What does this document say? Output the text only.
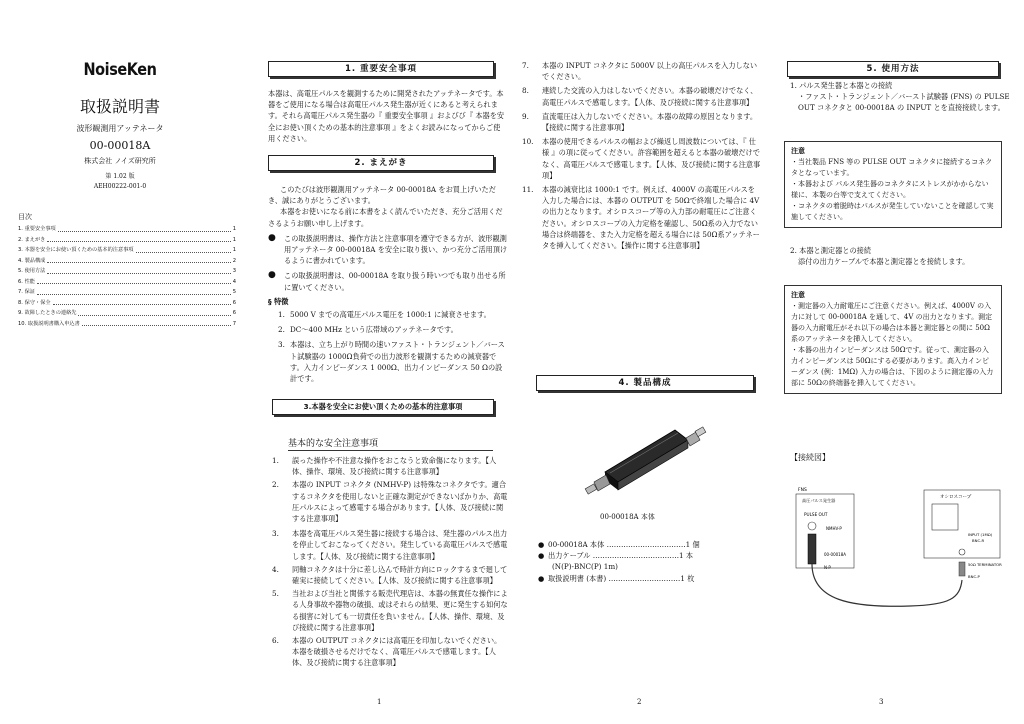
NoiseKen
取扱説明書
波形観測用アッテネータ
00-00018A
株式会社 ノイズ研究所
第 1.02 版
AEH00222-001-0
目次
1. 重要安全事項	1
2. まえがき	1
3. 本器を安全にお使い頂くための基本的注意事項	1
4. 製品構成	2
5. 使用方法	3
6. 性能	4
7. 保証	5
8. 保守・保全	6
9. 故障したときの連絡先	6
10. 取扱説明書購入申込書	7
1. 重要安全事項
本器は、高電圧パルスを観測するために開発されたアッテネータです。本器をご使用になる場合は高電圧パルス発生器が近くにあると考えられます。それら高電圧パルス発生器の『 重要安全事項 』およびび『 本器を安全にお使い頂くための基本的注意事項 』をよくお読みになってからご使用ください。
2. まえがき
このたびは波形観測用アッテネータ 00-00018A をお買上げいただき、誠にありがとうございます。
本器をお使いになる前に本書をよく読んでいただき、充分ご活用くださるようお願い申し上げます。
● この取扱説明書は、操作方法と注意事項を遵守できる方が、波形観測用アッテネータ 00-00018A を安全に取り扱い、かつ充分ご活用頂けるように書かれています。
● この取扱説明書は、00-00018A を取り扱う時いつでも取り出せる所に置いてください。
§ 特徴
1. 5000 V までの高電圧パルス電圧を 1000:1 に減衰させます。
2. DC～400 MHz という広帯域のアッテネータです。
3. 本器は、立ち上がり時間の速いファスト・トランジェント／バースト試験器の 1000Ω負荷での出力波形を観測するための減衰器です。入力インピーダンス 1 000Ω、出力インピーダンス 50 Ωの設計です。
3.本器を安全にお使い頂くための基本的注意事項
基本的な安全注意事項
1. 誤った操作や不注意な操作をおこなうと致命傷になります。【人体、操作、環境、及び接続に関する注意事項】
2. 本器の INPUT コネクタ (NMHV-P) は特殊なコネクタです。適合するコネクタを使用しないと正確な測定ができないばかりか、高電圧パルスによって感電する場合があります。【人体、及び接続に関する注意事項】
3. 本器を高電圧パルス発生器に接続する場合は、発生器のパルス出力を停止しておこなってください。発生している高電圧パルスで感電します。【人体、及び接続に関する注意事項】
4. 同軸コネクタは十分に差し込んで時計方向にロックするまで廻して確実に接続してください。【人体、及び接続に関する注意事項】
5. 当社および当社と関係する販売代理店は、本器の無責任な操作による人身事故や器物の破損、或はそれらの結果、更に発生する如何なる損害に対しても一切責任を負いません。【人体、操作、環境、及び接続に関する注意事項】
6. 本器の OUTPUT コネクタには高電圧を印加しないでください。本器を破損させるだけでなく、高電圧パルスで感電します。【人体、及び接続に関する注意事項】
1
7. 本器の INPUT コネクタに 5000V 以上の高圧パルスを入力しないでください。
8. 連続した交流の入力はしないでください。本器の破壊だけでなく、高電圧パルスで感電します。【人体、及び接続に関する注意事項】
9. 直流電圧は入力しないでください。本器の故障の原因となります。【接続に関する注意事項】
10. 本器の使用できるパルスの幅および繰返し周波数については、『 仕様 』の項に従ってください。許容範囲を超えると本器の破壊だけでなく、高電圧パルスで感電します。【人体、及び接続に関する注意事項】
11. 本器の減衰比は 1000:1 です。例えば、4000V の高電圧パルスを入力した場合には、本器の OUTPUT を 50Ωで終端した場合に 4V の出力となります。オシロスコープ等の入力部の耐電圧にご注意ください。オシロスコープの入力定格を確認し、50Ω系の入力でない場合は終端器を、また入力定格を超える場合には 50Ω系アッテネータを挿入してください。【操作に関する注意事項】
4. 製品構成
00-00018A 本体
● 00-00018A 本体 ……………………………1 個
● 出力ケーブル ………………………………1 本
(N(P)-BNC(P) 1m)
● 取扱説明書 (本書) …………………………1 枚
2
5. 使用方法
1. パルス発生器と本器との接続
・ファスト・トランジェント／バースト試験器 (FNS) の PULSE OUT コネクタと 00-00018A の INPUT とを直接接続します。
注意
・当社製品 FNS 等の PULSE OUT コネクタに接続するコネクタとなっています。
・本器および パルス発生器のコネクタにストレスがかからない様に、本製の台等で支えてください。
・コネクタの着脱時はパルスが発生していないことを確認して実施してください。
2. 本器と測定器との接続
添付の出力ケーブルで本器と測定器とを接続します。
注意
・測定器の入力耐電圧にご注意ください。例えば、4000V の入力に対して 00-00018A を通して、4V の出力となります。測定器の入力耐電圧がそれ以下の場合は本器と測定器との間に 50Ω系のアッテネータを挿入してください。
・本器の出力インピーダンスは 50Ωです。従って、測定器の入力インピーダンスは 50Ωにする必要があります。高入力インピーダンス (例：1MΩ) 入力の場合は、下図のように測定器の入力部に 50Ωの終端器を挿入してください。
【接続図】
FNS
高圧パルス発生器
PULSE OUT
NMHV-P
00-00018A
N-P
オシロスコープ
INPUT (1MΩ)
BNC-R
50Ω TERMINATOR
BNC-P
3
